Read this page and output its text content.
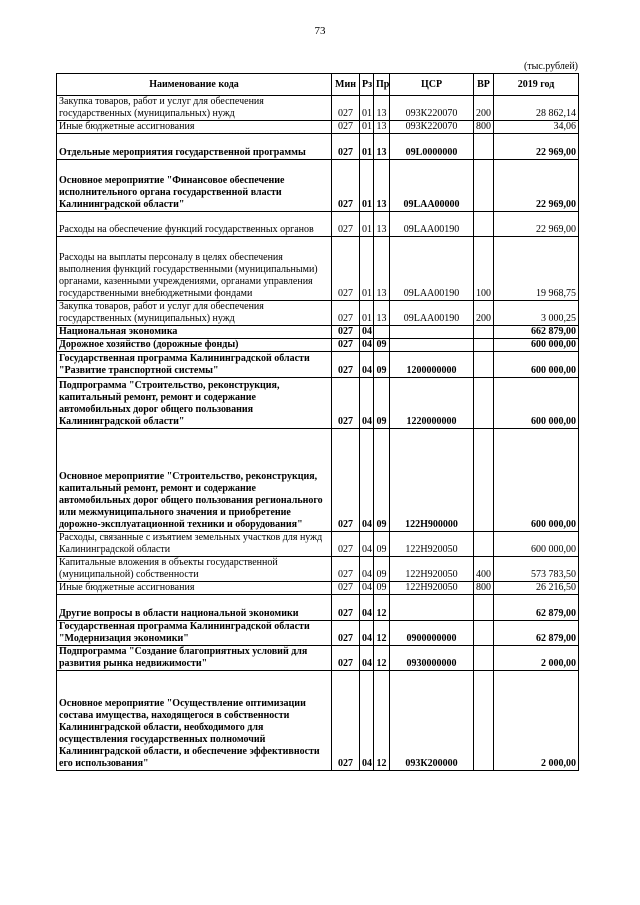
73
(тыс.рублей)
Наименование кода	Мин	Рз	Пр	ЦСР	ВР	2019 год
Закупка товаров, работ и услуг для обеспечения государственных (муниципальных) нужд	027	01	13	093К220070	200	28 862,14
Иные бюджетные ассигнования	027	01	13	093К220070	800	34,06
Отдельные мероприятия государственной программы	027	01	13	09L0000000		22 969,00
Основное мероприятие "Финансовое обеспечение исполнительного органа государственной власти Калининградской области"	027	01	13	09LAA00000		22 969,00
Расходы на обеспечение функций государственных органов	027	01	13	09LAA00190		22 969,00
Расходы на выплаты персоналу в целях обеспечения выполнения функций государственными (муниципальными) органами, казенными учреждениями, органами управления государственными внебюджетными фондами	027	01	13	09LAA00190	100	19 968,75
Закупка товаров, работ и услуг для обеспечения государственных (муниципальных) нужд	027	01	13	09LAA00190	200	3 000,25
Национальная экономика	027	04				662 879,00
Дорожное хозяйство (дорожные фонды)	027	04	09			600 000,00
Государственная программа Калининградской области "Развитие транспортной системы"	027	04	09	1200000000		600 000,00
Подпрограмма "Строительство, реконструкция, капитальный ремонт, ремонт и содержание автомобильных дорог общего пользования Калининградской области"	027	04	09	1220000000		600 000,00
Основное мероприятие "Строительство, реконструкция, капитальный ремонт, ремонт и содержание автомобильных дорог общего пользования регионального или межмуниципального значения и приобретение дорожно-эксплуатационной техники и оборудования"	027	04	09	122Н900000		600 000,00
Расходы, связанные с изъятием земельных участков для нужд Калининградской области	027	04	09	122Н920050		600 000,00
Капитальные вложения в объекты государственной (муниципальной) собственности	027	04	09	122Н920050	400	573 783,50
Иные бюджетные ассигнования	027	04	09	122Н920050	800	26 216,50
Другие вопросы в области национальной экономики	027	04	12			62 879,00
Государственная программа Калининградской области "Модернизация экономики"	027	04	12	0900000000		62 879,00
Подпрограмма "Создание благоприятных условий для развития рынка недвижимости"	027	04	12	0930000000		2 000,00
Основное мероприятие "Осуществление оптимизации состава имущества, находящегося в собственности Калининградской области, необходимого для осуществления государственных полномочий Калининградской области, и обеспечение эффективности его использования"	027	04	12	093К200000		2 000,00
